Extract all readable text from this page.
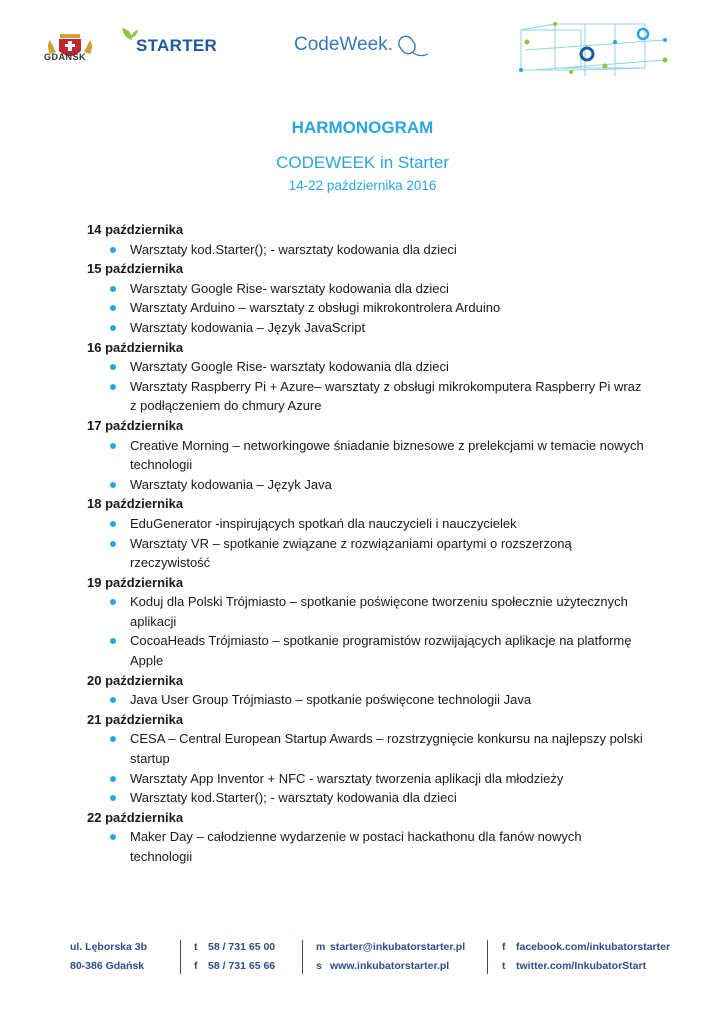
GDAŃSK
STARTER	CodeWeek.
HARMONOGRAM
CODEWEEK in Starter
14-22 października 2016
14 października
Warsztaty kod.Starter(); - warsztaty kodowania dla dzieci
15 października
Warsztaty Google Rise- warsztaty kodowania dla dzieci
Warsztaty Arduino – warsztaty z obsługi mikrokontrolera Arduino
Warsztaty kodowania – Język JavaScript
16 października
Warsztaty Google Rise- warsztaty kodowania dla dzieci
Warsztaty Raspberry Pi + Azure– warsztaty z obsługi mikrokomputera Raspberry Pi wraz z podłączeniem do chmury Azure
17 października
Creative Morning – networkingowe śniadanie biznesowe z prelekcjami w temacie nowych technologii
Warsztaty kodowania – Język Java
18 października
EduGenerator -inspirujących spotkań dla nauczycieli i nauczycielek
Warsztaty VR – spotkanie związane z rozwiązaniami opartymi o rozszerzoną rzeczywistość
19 października
Koduj dla Polski Trójmiasto – spotkanie poświęcone tworzeniu społecznie użytecznych aplikacji
CocoaHeads Trójmiasto – spotkanie programistów rozwijających aplikacje na platformę Apple
20 października
Java User Group Trójmiasto – spotkanie poświęcone technologii Java
21 października
CESA – Central European Startup Awards – rozstrzygnięcie konkursu na najlepszy polski startup
Warsztaty App Inventor + NFC - warsztaty tworzenia aplikacji dla młodzieży
Warsztaty kod.Starter(); - warsztaty kodowania dla dzieci
22 października
Maker Day – całodzienne wydarzenie w postaci hackathonu dla fanów nowych technologii
ul. Lęborska 3b
80-386 Gdańsk
t 58 / 731 65 00
f 58 / 731 65 66
m starter@inkubatorstarter.pl
s www.inkubatorstarter.pl
f facebook.com/inkubatorstarter
t twitter.com/InkubatorStart
